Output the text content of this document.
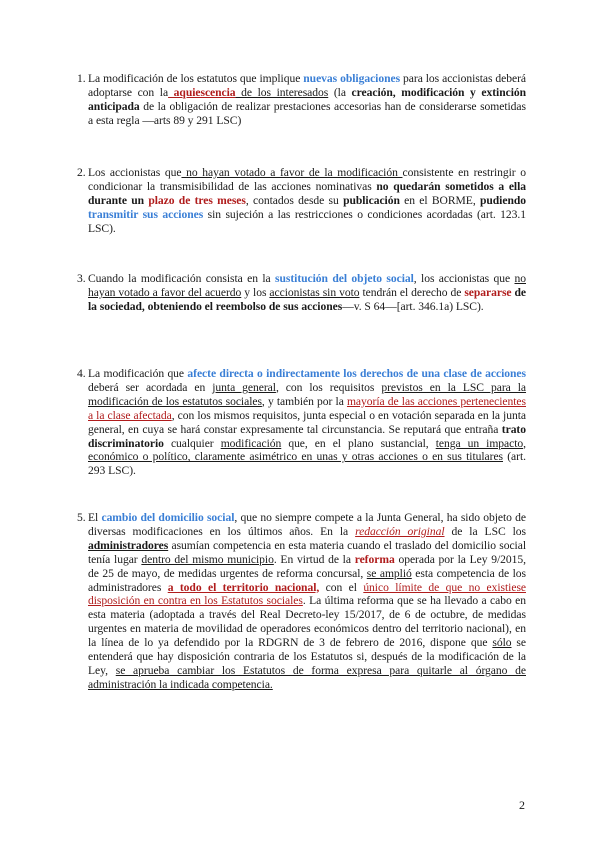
1. La modificación de los estatutos que implique nuevas obligaciones para los accionistas deberá adoptarse con la aquiescencia de los interesados (la creación, modificación y extinción anticipada de la obligación de realizar prestaciones accesorias han de considerarse sometidas a esta regla —arts 89 y 291 LSC)
2. Los accionistas que no hayan votado a favor de la modificación consistente en restringir o condicionar la transmisibilidad de las acciones nominativas no quedarán sometidos a ella durante un plazo de tres meses, contados desde su publicación en el BORME, pudiendo transmitir sus acciones sin sujeción a las restricciones o condiciones acordadas (art. 123.1 LSC).
3. Cuando la modificación consista en la sustitución del objeto social, los accionistas que no hayan votado a favor del acuerdo y los accionistas sin voto tendrán el derecho de separarse de la sociedad, obteniendo el reembolso de sus acciones—v. S 64—[art. 346.1a) LSC).
4. La modificación que afecte directa o indirectamente los derechos de una clase de acciones deberá ser acordada en junta general, con los requisitos previstos en la LSC para la modificación de los estatutos sociales, y también por la mayoría de las acciones pertenecientes a la clase afectada, con los mismos requisitos, junta especial o en votación separada en la junta general, en cuya se hará constar expresamente tal circunstancia. Se reputará que entraña trato discriminatorio cualquier modificación que, en el plano sustancial, tenga un impacto, económico o político, claramente asimétrico en unas y otras acciones o en sus titulares (art. 293 LSC).
5. El cambio del domicilio social, que no siempre compete a la Junta General, ha sido objeto de diversas modificaciones en los últimos años. En la redacción original de la LSC los administradores asumían competencia en esta materia cuando el traslado del domicilio social tenía lugar dentro del mismo municipio. En virtud de la reforma operada por la Ley 9/2015, de 25 de mayo, de medidas urgentes de reforma concursal, se amplió esta competencia de los administradores a todo el territorio nacional, con el único límite de que no existiese disposición en contra en los Estatutos sociales. La última reforma que se ha llevado a cabo en esta materia (adoptada a través del Real Decreto-ley 15/2017, de 6 de octubre, de medidas urgentes en materia de movilidad de operadores económicos dentro del territorio nacional), en la línea de lo ya defendido por la RDGRN de 3 de febrero de 2016, dispone que sólo se entenderá que hay disposición contraria de los Estatutos si, después de la modificación de la Ley, se aprueba cambiar los Estatutos de forma expresa para quitarle al órgano de administración la indicada competencia.
2
